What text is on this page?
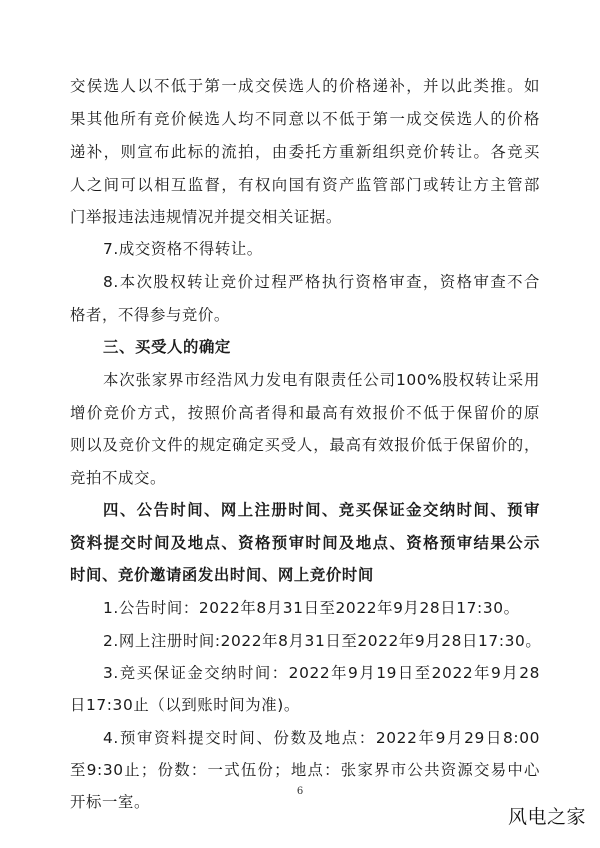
交侯选人以不低于第一成交侯选人的价格递补，并以此类推。如
果其他所有竞价候选人均不同意以不低于第一成交侯选人的价格
递补，则宣布此标的流拍，由委托方重新组织竞价转让。各竞买
人之间可以相互监督，有权向国有资产监管部门或转让方主管部
门举报违法违规情况并提交相关证据。
7.成交资格不得转让。
8.本次股权转让竞价过程严格执行资格审查，资格审查不合
格者，不得参与竞价。
三、买受人的确定
本次张家界市经浩风力发电有限责任公司100%股权转让采用
增价竞价方式，按照价高者得和最高有效报价不低于保留价的原
则以及竞价文件的规定确定买受人，最高有效报价低于保留价的，
竞拍不成交。
四、公告时间、网上注册时间、竞买保证金交纳时间、预审
资料提交时间及地点、资格预审时间及地点、资格预审结果公示
时间、竞价邀请函发出时间、网上竞价时间
1.公告时间：2022年8月31日至2022年9月28日17:30。
2.网上注册时间:2022年8月31日至2022年9月28日17:30。
3.竞买保证金交纳时间：2022年9月19日至2022年9月28
日17:30止（以到账时间为准)。
4.预审资料提交时间、份数及地点：2022年9月29日8:00
至9:30止；份数：一式伍份；地点：张家界市公共资源交易中心
开标一室。
6
风电之家
